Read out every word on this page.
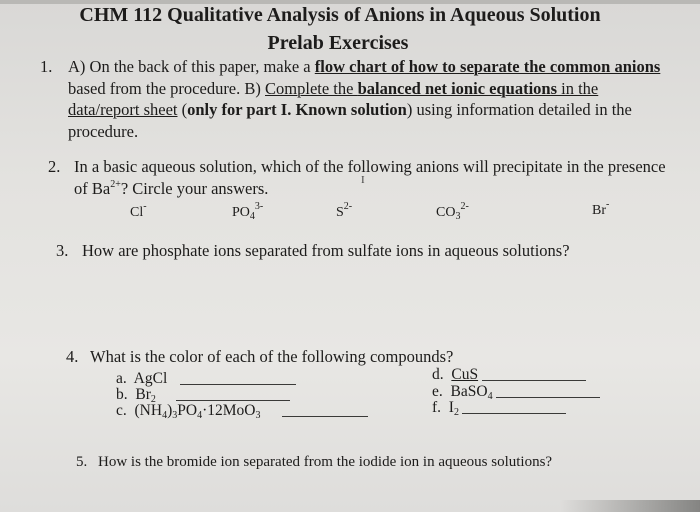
CHM 112 Qualitative Analysis of Anions in Aqueous Solution
Prelab Exercises
1. A) On the back of this paper, make a flow chart of how to separate the common anions
based from the procedure. B) Complete the balanced net ionic equations in the
data/report sheet (only for part I. Known solution) using information detailed in the
procedure.
2. In a basic aqueous solution, which of the following anions will precipitate in the presence
of $Ba^{2+}$? Circle your answers.	I
Cl-	$PO_4^{3-}$	$S^{2-}$	$CO_3^{2-}$	Br-
3. How are phosphate ions separated from sulfate ions in aqueous solutions?
4. What is the color of each of the following compounds?
a. AgCl
b. $Br_2$
c. $(NH_4)_3PO_4\cdot 12MoO_3$
d. CuS
e. BaSO$_4$
f. $I_2$
5. How is the bromide ion separated from the iodide ion in aqueous solutions?
